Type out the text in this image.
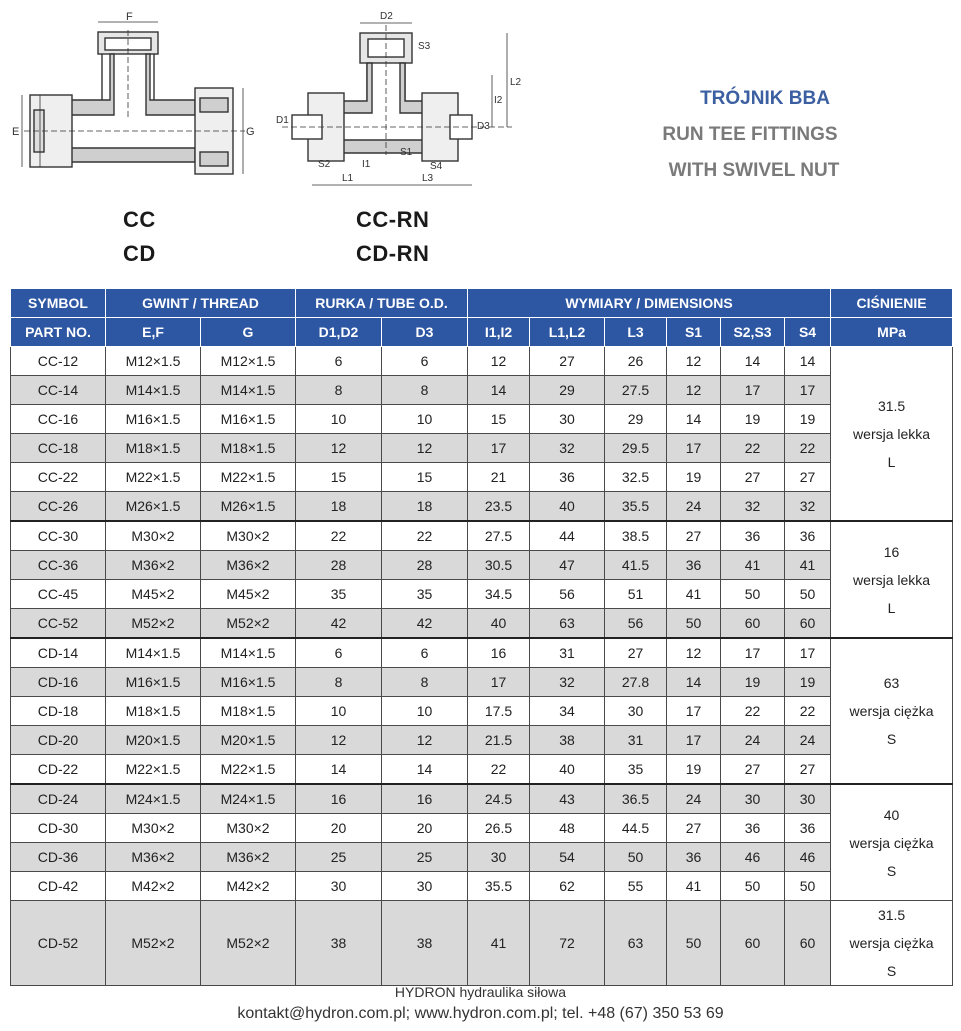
F
E	G
D2
S3
L2
I2
D1
D3
S2	I1
S1
S4
L1	L3
CC
CD
CC-RN
CD-RN
TRÓJNIK BBA
RUN TEE FITTINGS
WITH SWIVEL NUT
SYMBOL	GWINT / THREAD		RURKA / TUBE O.D.		WYMIARY / DIMENSIONS						CIŚNIENIE
PART NO.	E,F	G	D1,D2	D3	I1,I2	L1,L2	L3	S1	S2,S3	S4	MPa
CC-12	M12×1.5	M12×1.5	6	6	12	27	26	12	14	14	31.5
wersja lekka
L

CC-14	M14×1.5	M14×1.5	8	8	14	29	27.5	12	17	17	
CC-16	M16×1.5	M16×1.5	10	10	15	30	29	14	19	19	
CC-18	M18×1.5	M18×1.5	12	12	17	32	29.5	17	22	22	
CC-22	M22×1.5	M22×1.5	15	15	21	36	32.5	19	27	27	
CC-26	M26×1.5	M26×1.5	18	18	23.5	40	35.5	24	32	32	
CC-30	M30×2	M30×2	22	22	27.5	44	38.5	27	36	36	16
wersja lekka
L

CC-36	M36×2	M36×2	28	28	30.5	47	41.5	36	41	41	
CC-45	M45×2	M45×2	35	35	34.5	56	51	41	50	50	
CC-52	M52×2	M52×2	42	42	40	63	56	50	60	60	
CD-14	M14×1.5	M14×1.5	6	6	16	31	27	12	17	17	63
wersja ciężka
S

CD-16	M16×1.5	M16×1.5	8	8	17	32	27.8	14	19	19	
CD-18	M18×1.5	M18×1.5	10	10	17.5	34	30	17	22	22	
CD-20	M20×1.5	M20×1.5	12	12	21.5	38	31	17	24	24	
CD-22	M22×1.5	M22×1.5	14	14	22	40	35	19	27	27	
CD-24	M24×1.5	M24×1.5	16	16	24.5	43	36.5	24	30	30	40
wersja ciężka
S

CD-30	M30×2	M30×2	20	20	26.5	48	44.5	27	36	36	
CD-36	M36×2	M36×2	25	25	30	54	50	36	46	46	
CD-42	M42×2	M42×2	30	30	35.5	62	55	41	50	50	
CD-52	M52×2	M52×2	38	38	41	72	63	50	60	60	31.5
wersja ciężka
S
HYDRON hydraulika siłowa
kontakt@hydron.com.pl; www.hydron.com.pl; tel. +48 (67) 350 53 69
